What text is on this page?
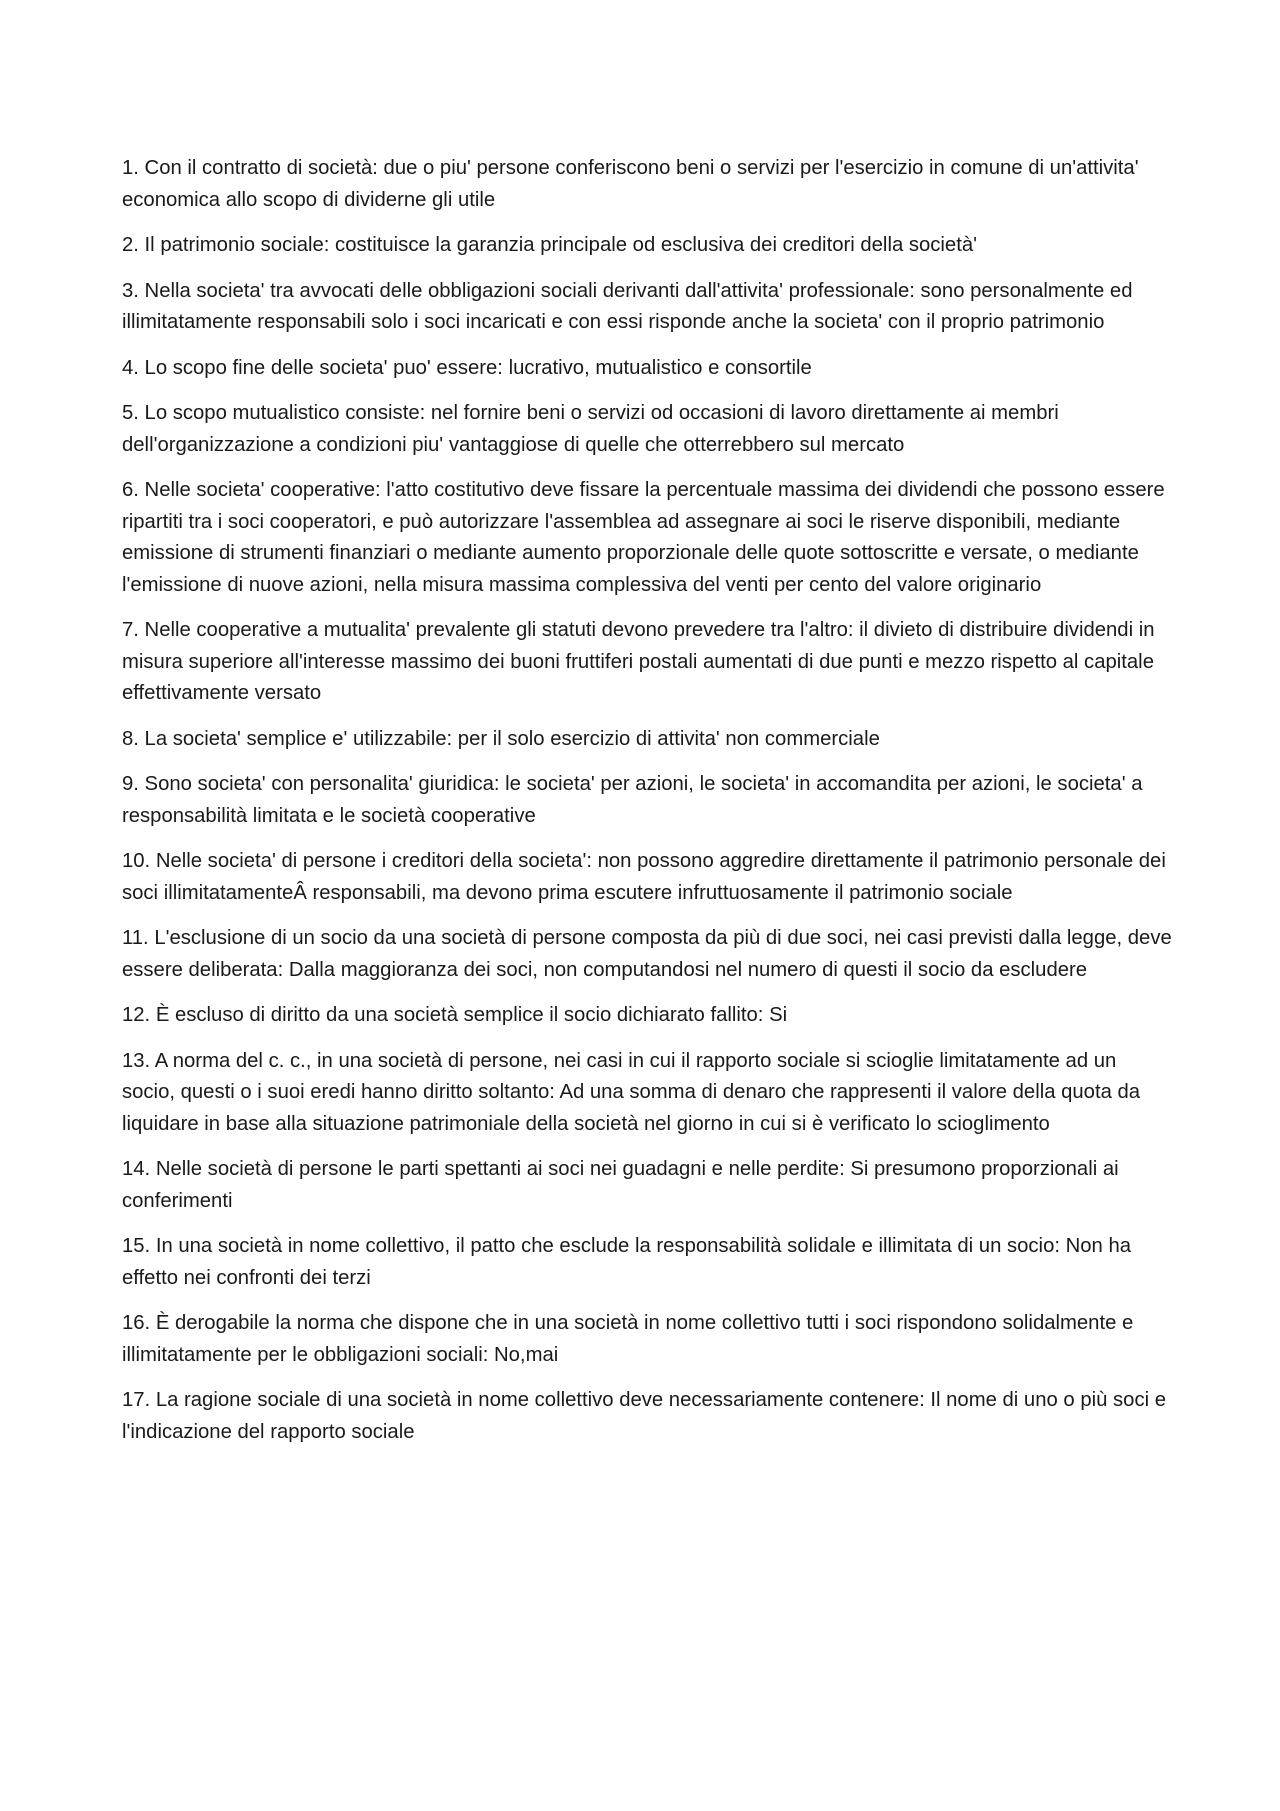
1. Con il contratto di società: due o piu' persone conferiscono beni o servizi per l'esercizio in comune di un'attivita' economica allo scopo di dividerne gli utile

2. Il patrimonio sociale: costituisce la garanzia principale od esclusiva dei creditori della società'

3. Nella societa' tra avvocati delle obbligazioni sociali derivanti dall'attivita' professionale: sono personalmente ed illimitatamente responsabili solo i soci incaricati e con essi risponde anche la societa' con il proprio patrimonio

4. Lo scopo fine delle societa' puo' essere: lucrativo, mutualistico e consortile

5. Lo scopo mutualistico consiste: nel fornire beni o servizi od occasioni di lavoro direttamente ai membri dell'organizzazione a condizioni piu' vantaggiose di quelle che otterrebbero sul mercato

6. Nelle societa' cooperative: l'atto costitutivo deve fissare la percentuale massima dei dividendi che possono essere ripartiti tra i soci cooperatori, e può autorizzare l'assemblea ad assegnare ai soci le riserve disponibili, mediante emissione di strumenti finanziari o mediante aumento proporzionale delle quote sottoscritte e versate, o mediante l'emissione di nuove azioni, nella misura massima complessiva del venti per cento del valore originario

7. Nelle cooperative a mutualita' prevalente gli statuti devono prevedere tra l'altro: il divieto di distribuire dividendi in misura superiore all'interesse massimo dei buoni fruttiferi postali aumentati di due punti e mezzo rispetto al capitale effettivamente versato

8. La societa' semplice e' utilizzabile: per il solo esercizio di attivita' non commerciale

9. Sono societa' con personalita' giuridica: le societa' per azioni, le societa' in accomandita per azioni, le societa' a responsabilità limitata e le società cooperative

10. Nelle societa' di persone i creditori della societa': non possono aggredire direttamente il patrimonio personale dei soci illimitatamenteÂ responsabili, ma devono prima escutere infruttuosamente il patrimonio sociale

11. L'esclusione di un socio da una società di persone composta da più di due soci, nei casi previsti dalla legge, deve essere deliberata: Dalla maggioranza dei soci, non computandosi nel numero di questi il socio da escludere

12. È escluso di diritto da una società semplice il socio dichiarato fallito: Si

13. A norma del c. c., in una società di persone, nei casi in cui il rapporto sociale si scioglie limitatamente ad un socio, questi o i suoi eredi hanno diritto soltanto: Ad una somma di denaro che rappresenti il valore della quota da liquidare in base alla situazione patrimoniale della società nel giorno in cui si è verificato lo scioglimento

14. Nelle società di persone le parti spettanti ai soci nei guadagni e nelle perdite: Si presumono proporzionali ai conferimenti

15. In una società in nome collettivo, il patto che esclude la responsabilità solidale e illimitata di un socio: Non ha effetto nei confronti dei terzi

16. È derogabile la norma che dispone che in una società in nome collettivo tutti i soci rispondono solidalmente e illimitatamente per le obbligazioni sociali: No,mai

17. La ragione sociale di una società in nome collettivo deve necessariamente contenere: Il nome di uno o più soci e l'indicazione del rapporto sociale
